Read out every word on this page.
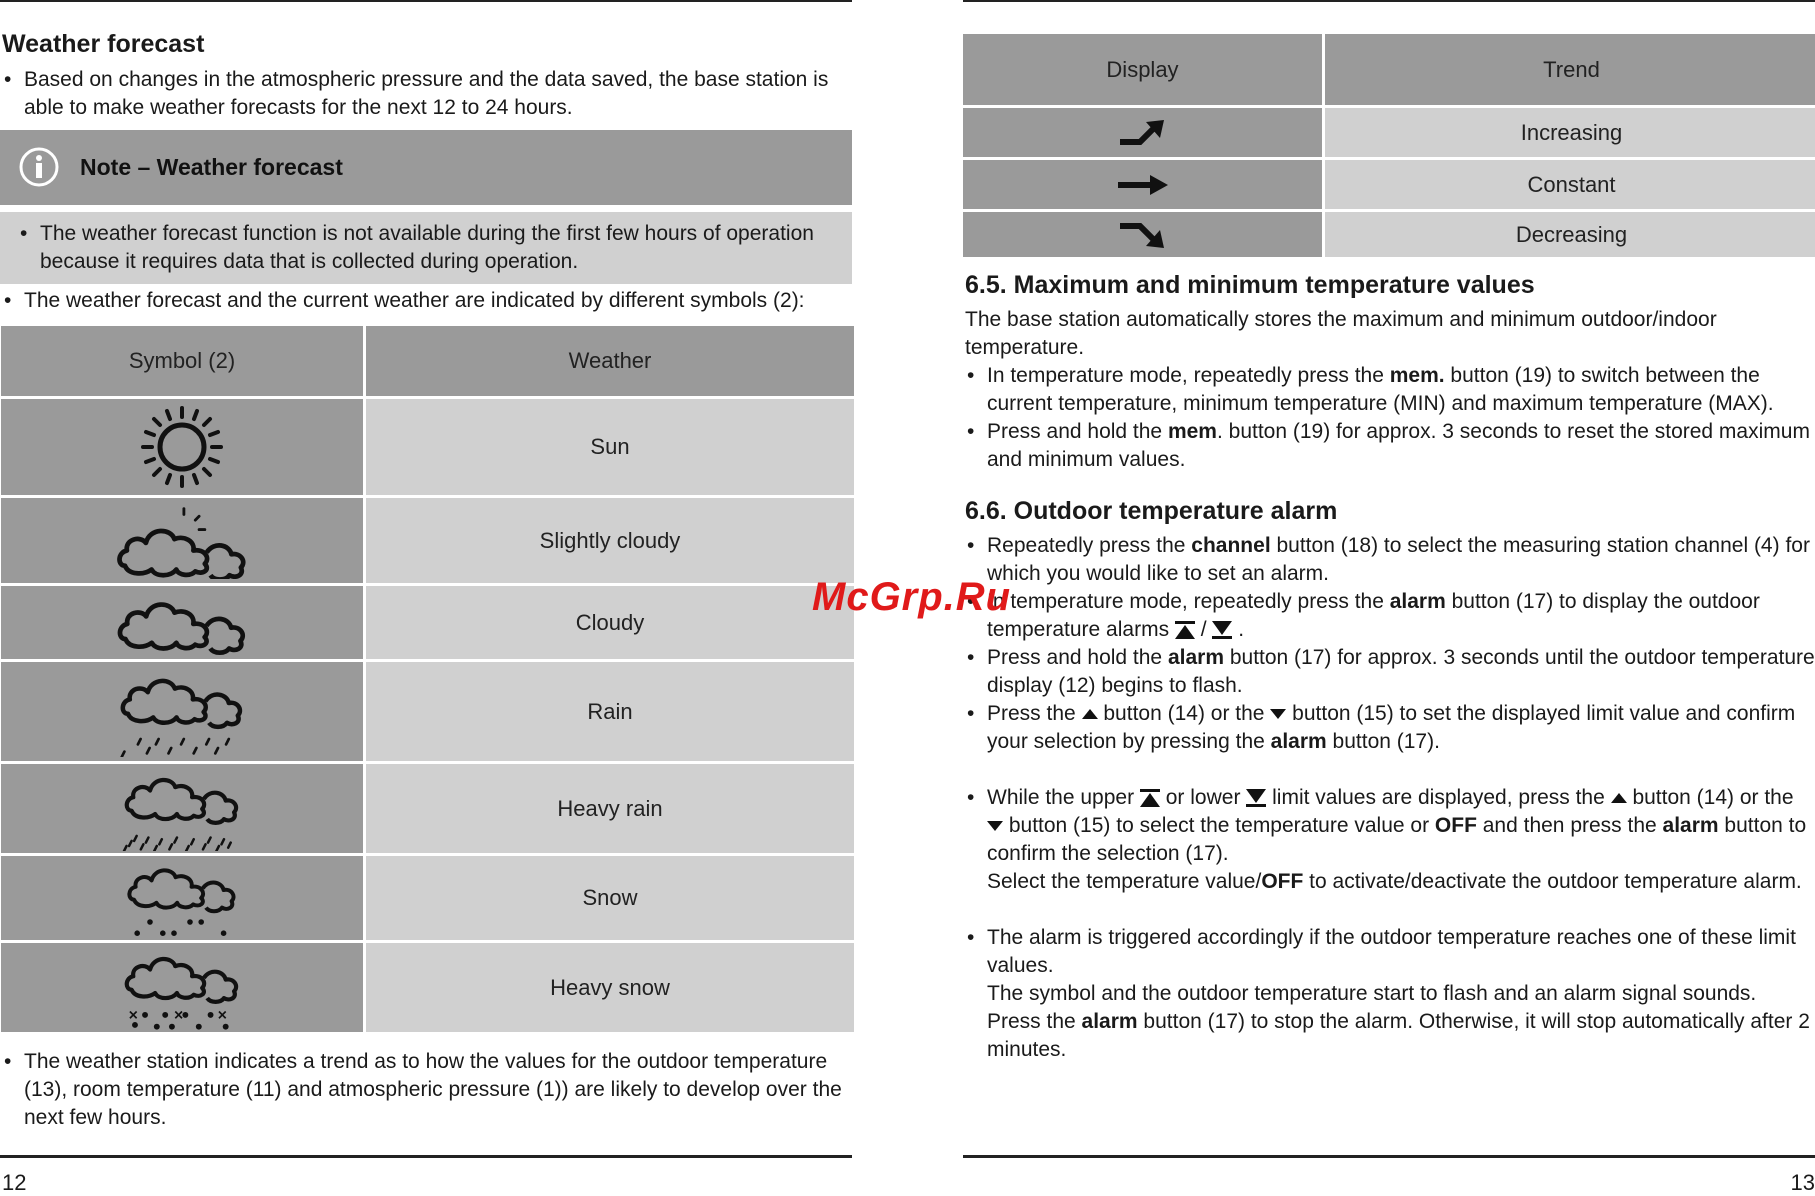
Weather forecast
• Based on changes in the atmospheric pressure and the data saved, the base station is able to make weather forecasts for the next 12 to 24 hours.
Note – Weather forecast
• The weather forecast function is not available during the first few hours of operation because it requires data that is collected during operation.
• The weather forecast and the current weather are indicated by different symbols (2):
Symbol (2)	Weather

	Sun

	Slightly cloudy

	Cloudy

	Rain

	Heavy rain

	Snow

	Heavy snow
• The weather station indicates a trend as to how the values for the outdoor temperature (13), room temperature (11) and atmospheric pressure (1)) are likely to develop over the next few hours.
12
Display	Trend

	Increasing

	Constant

	Decreasing
6.5. Maximum and minimum temperature values
The base station automatically stores the maximum and minimum outdoor/indoor temperature.
• In temperature mode, repeatedly press the mem. button (19) to switch between the current temperature, minimum temperature (MIN) and maximum temperature (MAX).
• Press and hold the mem. button (19) for approx. 3 seconds to reset the stored maximum and minimum values.
6.6. Outdoor temperature alarm
• Repeatedly press the channel button (18) to select the measuring station channel (4) for which you would like to set an alarm.
• In temperature mode, repeatedly press the alarm button (17) to display the outdoor temperature alarms  /  .
• Press and hold the alarm button (17) for approx. 3 seconds until the outdoor temperature display (12) begins to flash.
• Press the  button (14) or the  button (15) to set the displayed limit value and confirm your selection by pressing the alarm button (17).
• While the upper  or lower  limit values are displayed, press the  button (14) or the  button (15) to select the temperature value or OFF and then press the alarm button to confirm the selection (17).
Select the temperature value/OFF to activate/deactivate the outdoor temperature alarm.
• The alarm is triggered accordingly if the outdoor temperature reaches one of these limit values.
The symbol and the outdoor temperature start to flash and an alarm signal sounds.
Press the alarm button (17) to stop the alarm. Otherwise, it will stop automatically after 2 minutes.
13
McGrp.Ru
